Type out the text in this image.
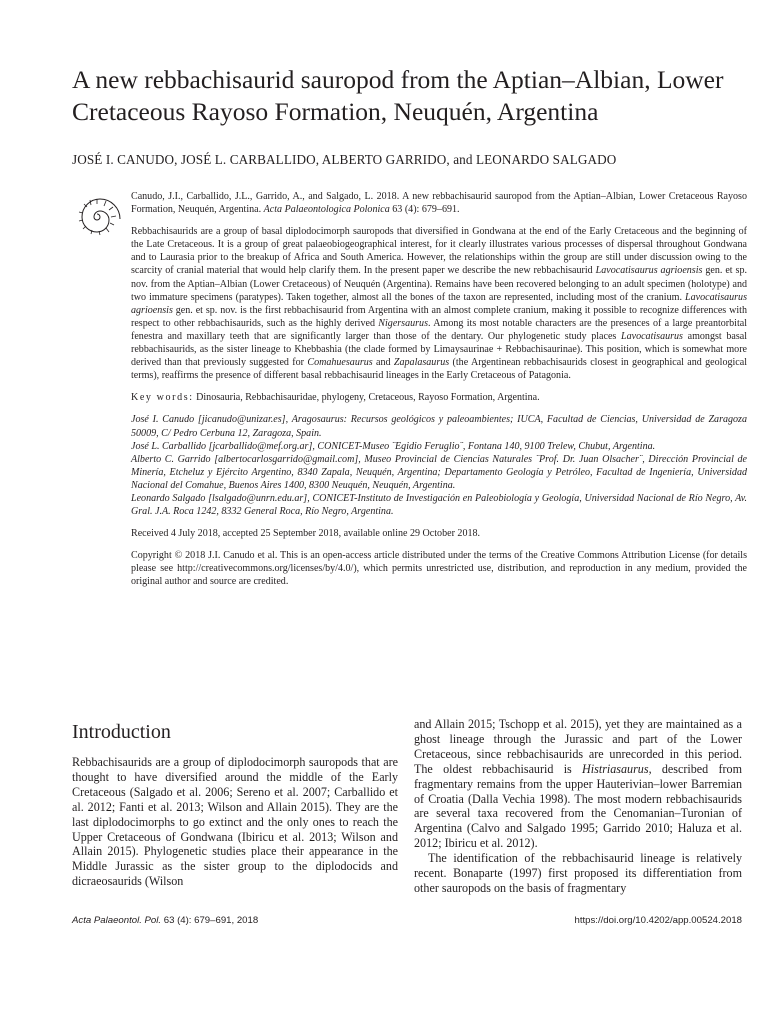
A new rebbachisaurid sauropod from the Aptian–Albian, Lower Cretaceous Rayoso Formation, Neuquén, Argentina
JOSÉ I. CANUDO, JOSÉ L. CARBALLIDO, ALBERTO GARRIDO, and LEONARDO SALGADO

Canudo, J.I., Carballido, J.L., Garrido, A., and Salgado, L. 2018. A new rebbachisaurid sauropod from the Aptian–Albian, Lower Cretaceous Rayoso Formation, Neuquén, Argentina. Acta Palaeontologica Polonica 63 (4): 679–691.

Rebbachisaurids are a group of basal diplodocimorph sauropods that diversified in Gondwana at the end of the Early Cretaceous and the beginning of the Late Cretaceous. It is a group of great palaeobiogeographical interest, for it clearly illustrates various processes of dispersal throughout Gondwana and to Laurasia prior to the breakup of Africa and South America. However, the relationships within the group are still under discussion owing to the scarcity of cranial material that would help clarify them. In the present paper we describe the new rebbachisaurid Lavocatisaurus agrioensis gen. et sp. nov. from the Aptian–Albian (Lower Cretaceous) of Neuquén (Argentina). Remains have been recovered belonging to an adult specimen (holotype) and two immature specimens (paratypes). Taken together, almost all the bones of the taxon are represented, including most of the cranium. Lavocatisaurus agrioensis gen. et sp. nov. is the first rebbachisaurid from Argentina with an almost complete cranium, making it possible to recognize differences with respect to other rebbachisaurids, such as the highly derived Nigersaurus. Among its most notable characters are the presences of a large preantorbital fenestra and maxillary teeth that are significantly larger than those of the dentary. Our phylogenetic study places Lavocatisaurus amongst basal rebbachisaurids, as the sister lineage to Khebbashia (the clade formed by Limaysaurinae + Rebbachisaurinae). This position, which is somewhat more derived than that previously suggested for Comahuesaurus and Zapalasaurus (the Argentinean rebbachisaurids closest in geographical and geological terms), reaffirms the presence of different basal rebbachisaurid lineages in the Early Cretaceous of Patagonia.

Key words: Dinosauria, Rebbachisauridae, phylogeny, Cretaceous, Rayoso Formation, Argentina.

José I. Canudo [jicanudo@unizar.es], Aragosaurus: Recursos geológicos y paleoambientes; IUCA, Facultad de Ciencias, Universidad de Zaragoza 50009, C/ Pedro Cerbuna 12, Zaragoza, Spain.

José L. Carballido [jcarballido@mef.org.ar], CONICET-Museo ¨Egidio Feruglio¨, Fontana 140, 9100 Trelew, Chubut, Argentina.

Alberto C. Garrido [albertocarlosgarrido@gmail.com], Museo Provincial de Ciencias Naturales ¨Prof. Dr. Juan Olsacher¨, Dirección Provincial de Minería, Etcheluz y Ejército Argentino, 8340 Zapala, Neuquén, Argentina; Departamento Geología y Petróleo, Facultad de Ingeniería, Universidad Nacional del Comahue, Buenos Aires 1400, 8300 Neuquén, Neuquén, Argentina.

Leonardo Salgado [lsalgado@unrn.edu.ar], CONICET-Instituto de Investigación en Paleobiología y Geología, Universidad Nacional de Río Negro, Av. Gral. J.A. Roca 1242, 8332 General Roca, Río Negro, Argentina.

Received 4 July 2018, accepted 25 September 2018, available online 29 October 2018.

Copyright © 2018 J.I. Canudo et al. This is an open-access article distributed under the terms of the Creative Commons Attribution License (for details please see http://creativecommons.org/licenses/by/4.0/), which permits unrestricted use, distribution, and reproduction in any medium, provided the original author and source are credited.

Introduction

Rebbachisaurids are a group of diplodocimorph sauropods that are thought to have diversified around the middle of the Early Cretaceous (Salgado et al. 2006; Sereno et al. 2007; Carballido et al. 2012; Fanti et al. 2013; Wilson and Allain 2015). They are the last diplodocimorphs to go extinct and the only ones to reach the Upper Cretaceous of Gondwana (Ibiricu et al. 2013; Wilson and Allain 2015). Phylogenetic studies place their appearance in the Middle Jurassic as the sister group to the diplodocids and dicraeosaurids (Wilson

and Allain 2015; Tschopp et al. 2015), yet they are maintained as a ghost lineage through the Jurassic and part of the Lower Cretaceous, since rebbachisaurids are unrecorded in this period. The oldest rebbachisaurid is Histriasaurus, described from fragmentary remains from the upper Hauterivian–lower Barremian of Croatia (Dalla Vechia 1998). The most modern rebbachisaurids are several taxa recovered from the Cenomanian–Turonian of Argentina (Calvo and Salgado 1995; Garrido 2010; Haluza et al. 2012; Ibiricu et al. 2012).

The identification of the rebbachisaurid lineage is relatively recent. Bonaparte (1997) first proposed its differentiation from other sauropods on the basis of fragmentary

Acta Palaeontol. Pol. 63 (4): 679–691, 2018	https://doi.org/10.4202/app.00524.2018
